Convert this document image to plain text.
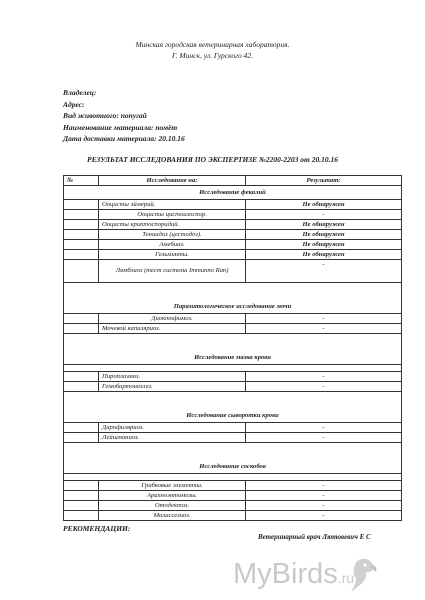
Минская городская ветеринарная лаборатория.
Г. Минск, ул. Гурского 42.
Владелец:
Адрес:
Вид животного: попугай
Наименование материала: помёт
Дата доставки материала: 20.10.16
РЕЗУЛЬТАТ ИССЛЕДОВАНИЯ ПО ЭКСПЕРТИЗЕ №2200-2203 от 20.10.16
№	Исследование на:	Результат:
Исследование фекалий		
	Ооцисты эймерий.	Не обнаружен
	Ооцисты цистоизоспор.	-
	Ооцисты криптоспоридий.	Не обнаружен
	Тениидоз (цестодоз).	Не обнаружен
	Амебиаз.	Не обнаружен
	Гельминты.	Не обнаружен
	Лямблиоз (тест система Immunno Run)	-

Паразитологическое исследование мочи		
	Диоктофимоз.	-
	Мочевой капиляриоз.	-

Исследование мазка крови		

	Пироплазмоз.	-
	Гемобартонеллез.	-

Исследование сыворотки крови		
	Дирофиляриоз.	-
	Лейшманиоз.	-

Исследование соскобов		

	Грибковые элементы.	-
	Арахноэнтомозы.	-
	Отодектоз.	-
	Малассезиоз.	-
РЕКОМЕНДАЦИИ:
Ветеринарный врач Лютовевич Е С
MyBirds.ru
